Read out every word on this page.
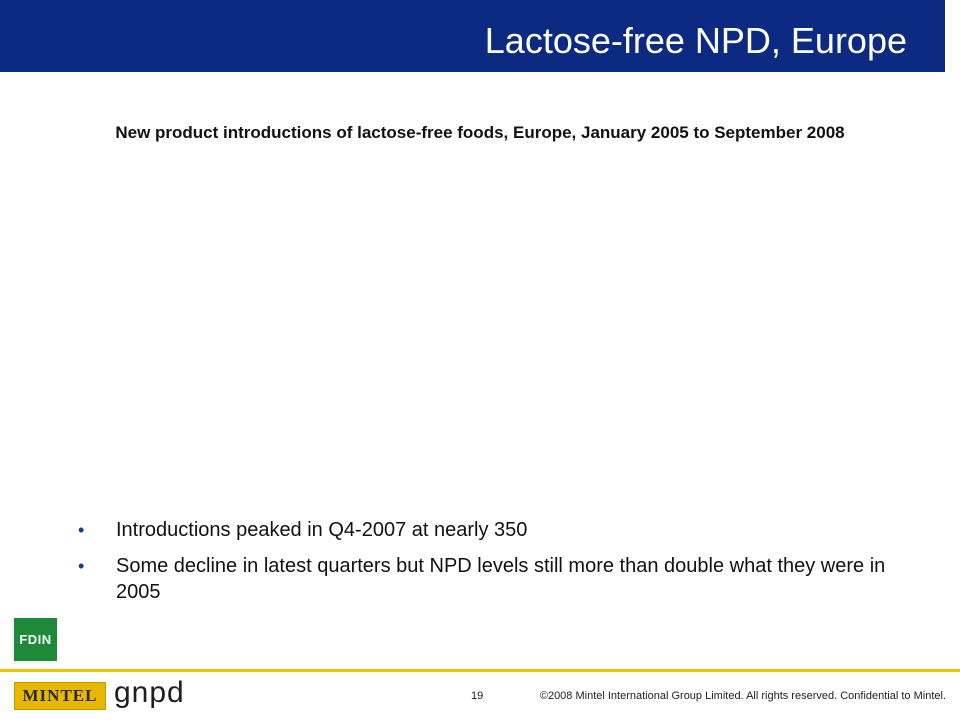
Lactose-free NPD, Europe
New product introductions of lactose-free foods, Europe, January 2005 to September 2008
• Introductions peaked in Q4-2007 at nearly 350
• Some decline in latest quarters but NPD levels still more than double what they were in 2005
FDIN
MINTEL gnpd	19	©2008 Mintel International Group Limited. All rights reserved. Confidential to Mintel.
